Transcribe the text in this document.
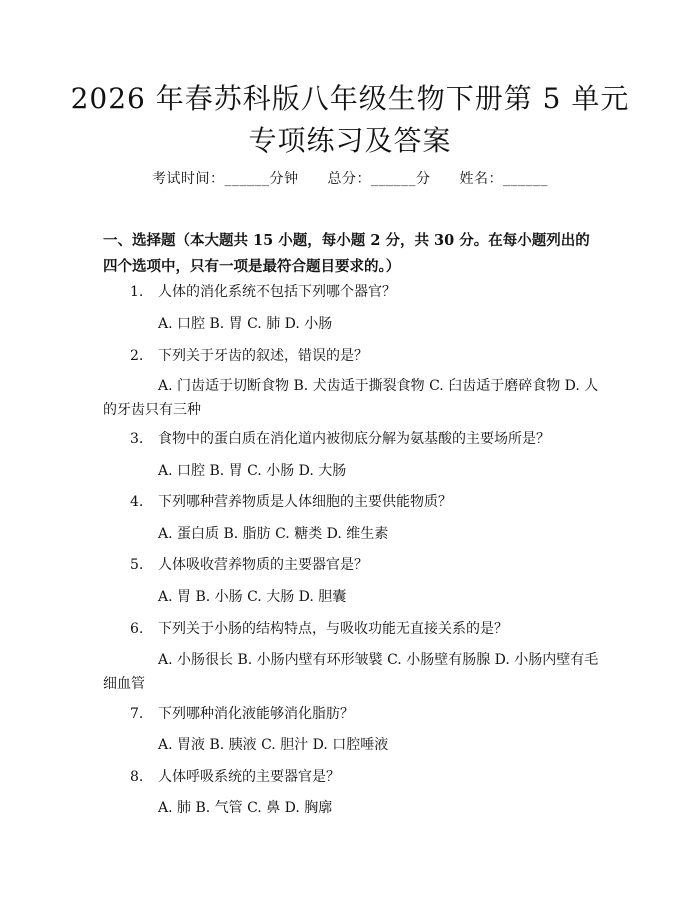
2026 年春苏科版八年级生物下册第 5 单元专项练习及答案
考试时间：______分钟 总分：______分 姓名：______
一、选择题（本大题共 15 小题，每小题 2 分，共 30 分。在每小题列出的四个选项中，只有一项是最符合题目要求的。）
1. 人体的消化系统不包括下列哪个器官？
A. 口腔 B. 胃 C. 肺 D. 小肠
2. 下列关于牙齿的叙述，错误的是？
A. 门齿适于切断食物 B. 犬齿适于撕裂食物 C. 臼齿适于磨碎食物 D. 人的牙齿只有三种
3. 食物中的蛋白质在消化道内被彻底分解为氨基酸的主要场所是？
A. 口腔 B. 胃 C. 小肠 D. 大肠
4. 下列哪种营养物质是人体细胞的主要供能物质？
A. 蛋白质 B. 脂肪 C. 糖类 D. 维生素
5. 人体吸收营养物质的主要器官是？
A. 胃 B. 小肠 C. 大肠 D. 胆囊
6. 下列关于小肠的结构特点，与吸收功能无直接关系的是？
A. 小肠很长 B. 小肠内壁有环形皱襞 C. 小肠壁有肠腺 D. 小肠内壁有毛细血管
7. 下列哪种消化液能够消化脂肪？
A. 胃液 B. 胰液 C. 胆汁 D. 口腔唾液
8. 人体呼吸系统的主要器官是？
A. 肺 B. 气管 C. 鼻 D. 胸廓
